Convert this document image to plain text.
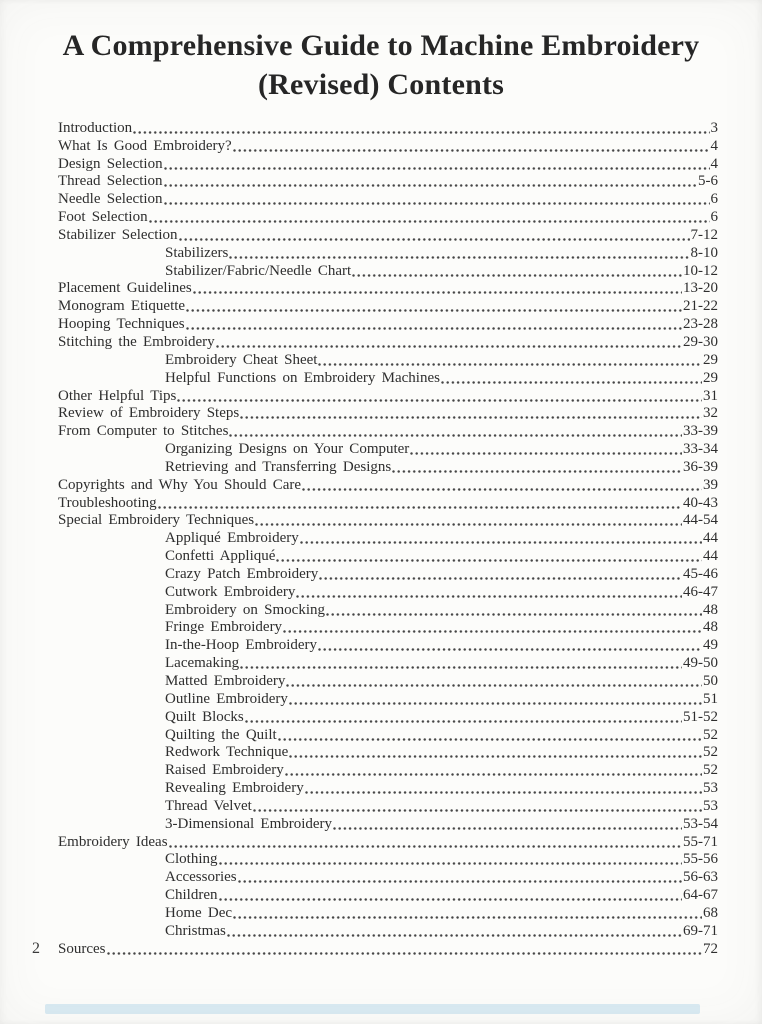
A Comprehensive Guide to Machine Embroidery
(Revised) Contents
Introduction	3
What Is Good Embroidery?	4
Design Selection	4
Thread Selection	5-6
Needle Selection	6
Foot Selection	6
Stabilizer Selection	7-12
Stabilizers	8-10
Stabilizer/Fabric/Needle Chart	10-12
Placement Guidelines	13-20
Monogram Etiquette	21-22
Hooping Techniques	23-28
Stitching the Embroidery	29-30
Embroidery Cheat Sheet	29
Helpful Functions on Embroidery Machines	29
Other Helpful Tips	31
Review of Embroidery Steps	32
From Computer to Stitches	33-39
Organizing Designs on Your Computer	33-34
Retrieving and Transferring Designs	36-39
Copyrights and Why You Should Care	39
Troubleshooting	40-43
Special Embroidery Techniques	44-54
Appliqué Embroidery	44
Confetti Appliqué	44
Crazy Patch Embroidery	45-46
Cutwork Embroidery	46-47
Embroidery on Smocking	48
Fringe Embroidery	48
In-the-Hoop Embroidery	49
Lacemaking	49-50
Matted Embroidery	50
Outline Embroidery	51
Quilt Blocks	51-52
Quilting the Quilt	52
Redwork Technique	52
Raised Embroidery	52
Revealing Embroidery	53
Thread Velvet	53
3-Dimensional Embroidery	53-54
Embroidery Ideas	55-71
Clothing	55-56
Accessories	56-63
Children	64-67
Home Dec	68
Christmas	69-71
Sources	72
2
